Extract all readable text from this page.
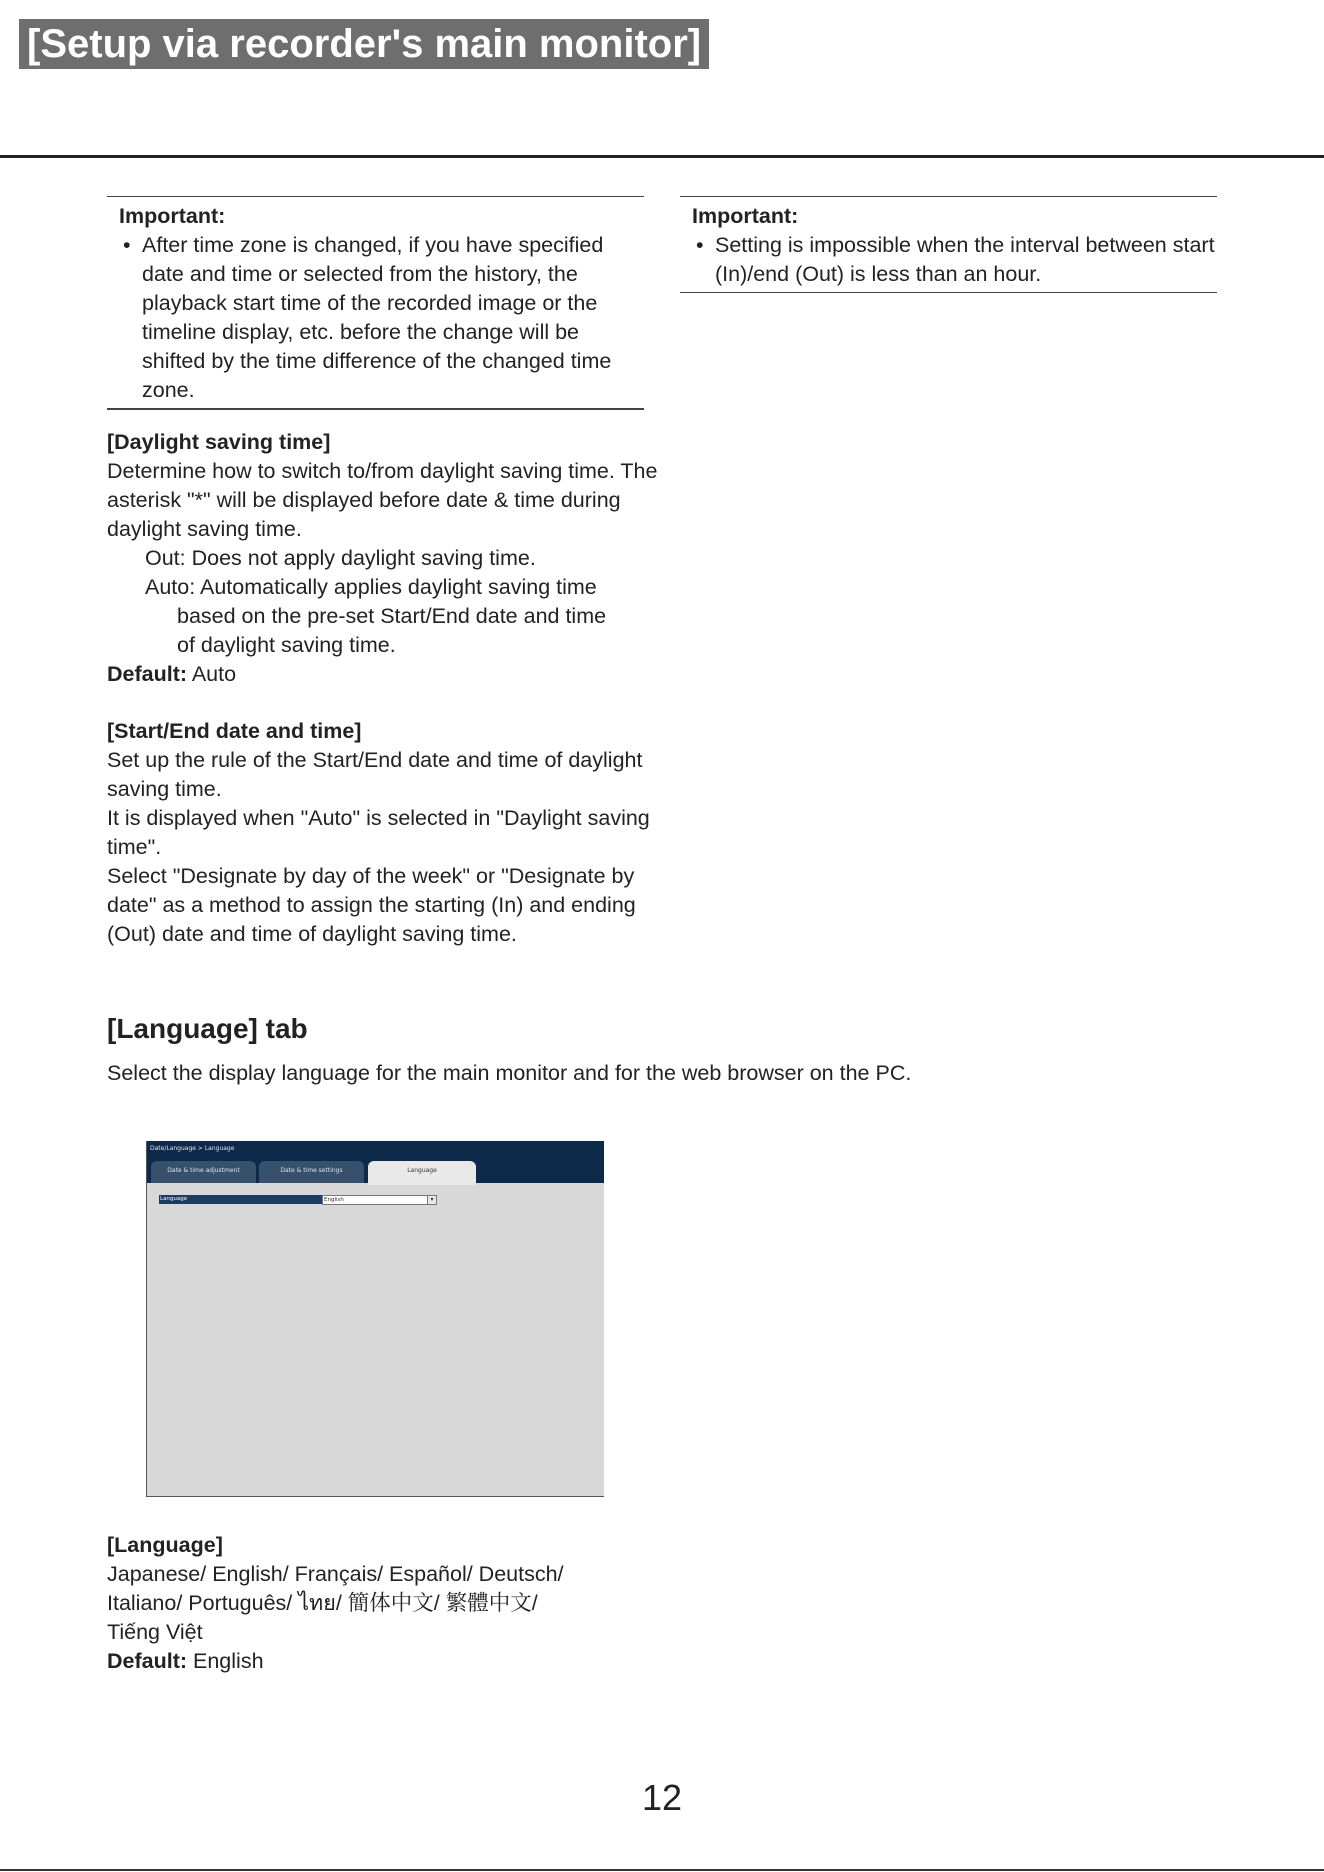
[Setup via recorder's main monitor]
Important:
• After time zone is changed, if you have specified date and time or selected from the history, the playback start time of the recorded image or the timeline display, etc. before the change will be shifted by the time difference of the changed time zone.
Important:
• Setting is impossible when the interval between start (In)/end (Out) is less than an hour.

[Daylight saving time]

Determine how to switch to/from daylight saving time. The asterisk "*" will be displayed before date & time during daylight saving time.

Out: Does not apply daylight saving time.

Auto: Automatically applies daylight saving time
based on the pre-set Start/End date and time
of daylight saving time.

Default: Auto

[Start/End date and time]

Set up the rule of the Start/End date and time of daylight saving time.

It is displayed when "Auto" is selected in "Daylight saving time".

Select "Designate by day of the week" or "Designate by date" as a method to assign the starting (In) and ending (Out) date and time of daylight saving time.

[Language] tab
Select the display language for the main monitor and for the web browser on the PC.
Date/Language > Language
Date & time adjustment	Date & time settings	Language
Language	English	▾

[Language]

Japanese/ English/ Français/ Español/ Deutsch/

Italiano/ Português/ ไทย/ 簡体中文/ 繁體中文/

Tiếng Việt

Default: English

12
